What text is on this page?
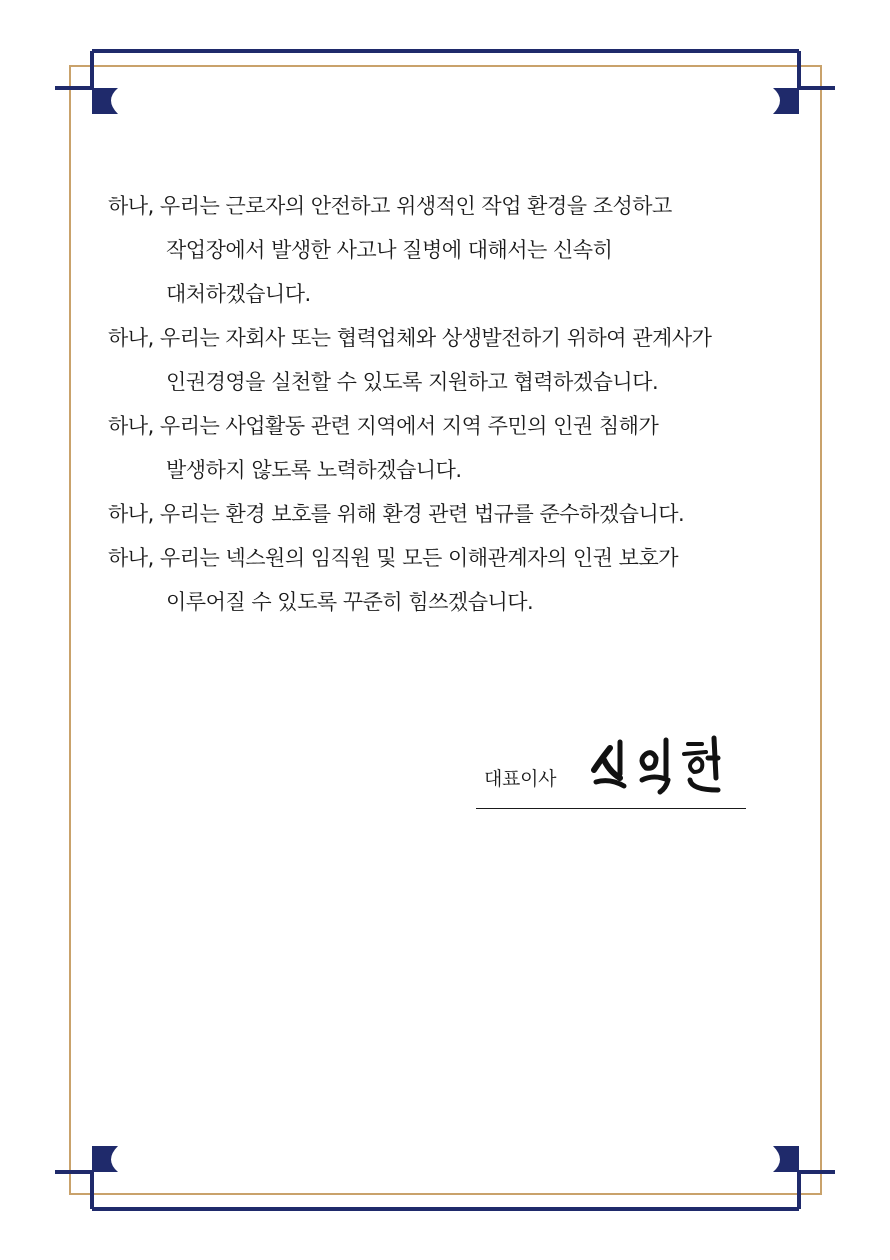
하나, 우리는 근로자의 안전하고 위생적인 작업 환경을 조성하고
작업장에서 발생한 사고나 질병에 대해서는 신속히
대처하겠습니다.

하나, 우리는 자회사 또는 협력업체와 상생발전하기 위하여 관계사가
인권경영을 실천할 수 있도록 지원하고 협력하겠습니다.

하나, 우리는 사업활동 관련 지역에서 지역 주민의 인권 침해가
발생하지 않도록 노력하겠습니다.

하나, 우리는 환경 보호를 위해 환경 관련 법규를 준수하겠습니다.

하나, 우리는 넥스원의 임직원 및 모든 이해관계자의 인권 보호가
이루어질 수 있도록 꾸준히 힘쓰겠습니다.

대표이사
